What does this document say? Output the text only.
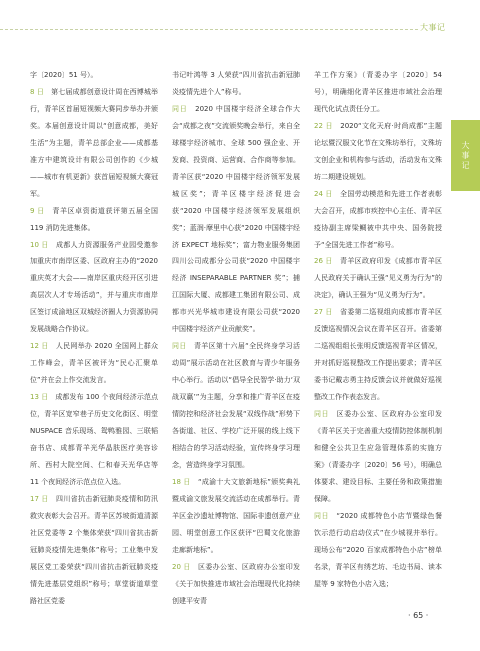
大事记
大事记

字〔2020〕51 号）。

8 日　第七届成都创意设计周在西博城举行，青羊区首届短视频大赛同步举办并颁奖。本届创意设计周以“创意成都，美好生活”为主题，青羊总部企业——成都基准方中建筑设计有限公司创作的《少城——城市有机更新》获首届短视频大赛冠军。

9 日　青羊区卓资街道获评第五届全国 119 消防先进集体。

10 日　成都人力资源服务产业园受邀参加重庆市南岸区委、区政府主办的“2020 重庆英才大会——南岸区重庆经开区引进高层次人才专场活动”，并与重庆市南岸区签订成渝地区双城经济圈人力资源协同发展战略合作协议。

12 日　人民网举办 2020 全国网上群众工作峰会，青羊区被评为“民心汇聚单位”并在会上作交流发言。

13 日　成都发布 100 个夜间经济示范点位，青羊区宽窄巷子历史文化街区、明堂 NUSPACE 音乐现场、鸳鸭雅园、三联韬奋书店、成都青羊光华晶肤医疗美容诊所、西村大院空间、仁和春天光华店等 11 个夜间经济示范点位入选。

17 日　四川省抗击新冠肺炎疫情和防汛救灾表彰大会召开。青羊区苏坡街道清源社区党委等 2 个集体荣获“四川省抗击新冠肺炎疫情先进集体”称号；工业集中发展区党工委荣获“四川省抗击新冠肺炎疫情先进基层党组织”称号；草堂街道草堂路社区党委

书记叶鸿等 3 人荣获“四川省抗击新冠肺炎疫情先进个人”称号。

同日　2020 中国楼宇经济全球合作大会“成都之夜”交流颁奖晚会举行，来自全球楼宇经济城市、全球 500 强企业、开发商、投资商、运营商、合作商等参加。青羊区获“2020 中国楼宇经济领军发展城区奖”；青羊区楼宇经济促进会获“2020 中国楼宇经济领军发展组织奖”；蓝润·摩里中心获“2020 中国楼宇经济 EXPECT 地标奖”；富力物业服务集团四川公司成都分公司获“2020 中国楼宇经济 INSEPARABLE PARTNER 奖”；捕江国际大厦、成都建工集团有限公司、成都市兴光华城市建设有限公司获“2020 中国楼宇经济产业贡献奖”。

同日　青羊区第十六届“全民终身学习活动周”展示活动在社区教育与青少年服务中心举行。活动以“倡导全民智学·助力‘双战双赢’”为主题，分享和推广青羊区在疫情防控和经济社会发展“双线作战”形势下各街道、社区、学校广泛开展的线上线下相结合的学习活动经验，宣传终身学习理念，营造终身学习氛围。

18 日　“成渝十大文旅新地标”颁奖典礼暨成渝文旅发展交流活动在成都举行。青羊区金沙遗址博物馆、国际非遗创意产业园、明堂创意工作区获评“巴蜀文化旅游走廊新地标”。

20 日　区委办公室、区政府办公室印发《关于加快推进市域社会治理现代化持续创建平安青

羊工作方案》（青委办字〔2020〕54 号），明确细化青羊区推进市域社会治理现代化试点责任分工。

22 日　2020“文化天府·时尚成都”主题论坛暨汉服文化节在文殊坊举行，文殊坊文创企业和机构参与活动，活动发布文殊坊二期建设规划。

24 日　全国劳动模范和先进工作者表彰大会召开，成都市疾控中心主任、青羊区疫协副主席梁鲷被中共中央、国务院授予“全国先进工作者”称号。

26 日　青羊区政府印发《成都市青羊区人民政府关于确认王强“见义勇为行为”的决定》，确认王强为“见义勇为行为”。

27 日　省委第二巡视组向成都市青羊区反馈巡视情况会议在青羊区召开。省委第二巡视组组长张明反馈巡视青羊区情况，并对抓好巡视整改工作提出要求；青羊区委书记戴志勇主持反馈会议并就做好巡视整改工作作表态发言。

同日　区委办公室、区政府办公室印发《青羊区关于完善重大疫情防控体制机制和健全公共卫生应急管理体系的实施方案》（青委办字〔2020〕56 号），明确总体要求、建设目标、主要任务和政策措施保障。

同日　“2020 成都特色小店节暨绿色餐饮示范行动启动仪式”在少城视井举行。现场公布“2020 百家成都特色小店”榜单名录，青羊区有绣艺坊、毛边书局、读本屋等 9 家特色小店入选；

· 65 ·
